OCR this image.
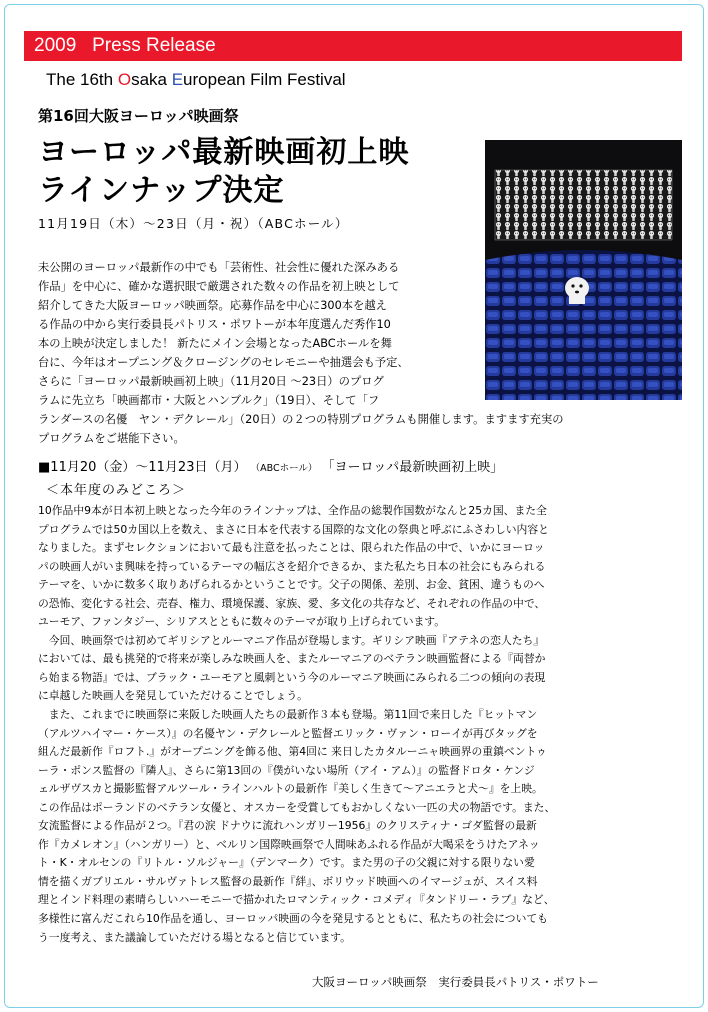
2009 Press Release
The 16th Osaka European Film Festival
第16回大阪ヨーロッパ映画祭
ヨーロッパ最新映画初上映
ラインナップ決定
11月19日（木）～23日（月・祝）（ABCホール）
未公開のヨーロッパ最新作の中でも「芸術性、社会性に優れた深みある
作品」を中心に、確かな選択眼で厳選された数々の作品を初上映として
紹介してきた大阪ヨーロッパ映画祭。応募作品を中心に300本を越え
る作品の中から実行委員長パトリス・ポワトーが本年度選んだ秀作10
本の上映が決定しました！ 新たにメイン会場となったABCホールを舞
台に、今年はオープニング＆クロージングのセレモニーや抽選会も予定、
さらに「ヨーロッパ最新映画初上映」（11月20日 ～23日）のプログ
ラムに先立ち「映画都市・大阪とハンブルク」（19日）、そして「フ
ランダースの名優　ヤン・デクレール」（20日）の２つの特別プログラムも開催します。ますます充実の
プログラムをご堪能下さい。
■11月20（金）～11月23日（月） （ABCホール） 「ヨーロッパ最新映画初上映」
＜本年度のみどころ＞
10作品中9本が日本初上映となった今年のラインナップは、全作品の総製作国数がなんと25カ国、また全
プログラムでは50カ国以上を数え、まさに日本を代表する国際的な文化の祭典と呼ぶにふさわしい内容と
なりました。まずセレクションにおいて最も注意を払ったことは、限られた作品の中で、いかにヨーロッ
パの映画人がいま興味を持っているテーマの幅広さを紹介できるか、また私たち日本の社会にもみられる
テーマを、いかに数多く取りあげられるかということです。父子の関係、差別、お金、貧困、違うものへ
の恐怖、変化する社会、売春、権力、環境保護、家族、愛、多文化の共存など、それぞれの作品の中で、
ユーモア、ファンタジー、シリアスとともに数々のテーマが取り上げられています。
　今回、映画祭では初めてギリシアとルーマニア作品が登場します。ギリシア映画『アテネの恋人たち』
においては、最も挑発的で将来が楽しみな映画人を、またルーマニアのベテラン映画監督による『両替か
ら始まる物語』では、ブラック・ユーモアと風刺という今のルーマニア映画にみられる二つの傾向の表現
に卓越した映画人を発見していただけることでしょう。
　また、これまでに映画祭に来阪した映画人たちの最新作３本も登場。第11回で来日した『ヒットマン
（アルツハイマー・ケース）』の名優ヤン・デクレールと監督エリック・ヴァン・ローイが再びタッグを
組んだ最新作『ロフト.』がオープニングを飾る他、第4回に 来日したカタルーニャ映画界の重鎮ベントゥ
ーラ・ポンス監督の『隣人』、さらに第13回の『僕がいない場所（アイ・アム）』の監督ドロタ・ケンジ
ェルザヴスカと撮影監督アルツール・ラインハルトの最新作『美しく生きて～アニエラと犬～』を上映。
この作品はポーランドのベテラン女優と、オスカーを受賞してもおかしくない一匹の犬の物語です。また、
女流監督による作品が２つ。『君の涙 ドナウに流れハンガリー1956』のクリスティナ・ゴダ監督の最新
作『カメレオン』（ハンガリー）と、ベルリン国際映画祭で人間味あふれる作品が大喝采をうけたアネッ
ト・K・オルセンの『リトル・ソルジャー』（デンマーク）です。また男の子の父親に対する限りない愛
情を描くガブリエル・サルヴァトレス監督の最新作『絆』、ボリウッド映画へのイマージュが、スイス料
理とインド料理の素晴らしいハーモニーで描かれたロマンティック・コメディ『タンドリー・ラブ』など、
多様性に富んだこれら10作品を通し、ヨーロッパ映画の今を発見するとともに、私たちの社会についても
う一度考え、また議論していただける場となると信じています。
大阪ヨーロッパ映画祭　実行委員長パトリス・ポワトー
